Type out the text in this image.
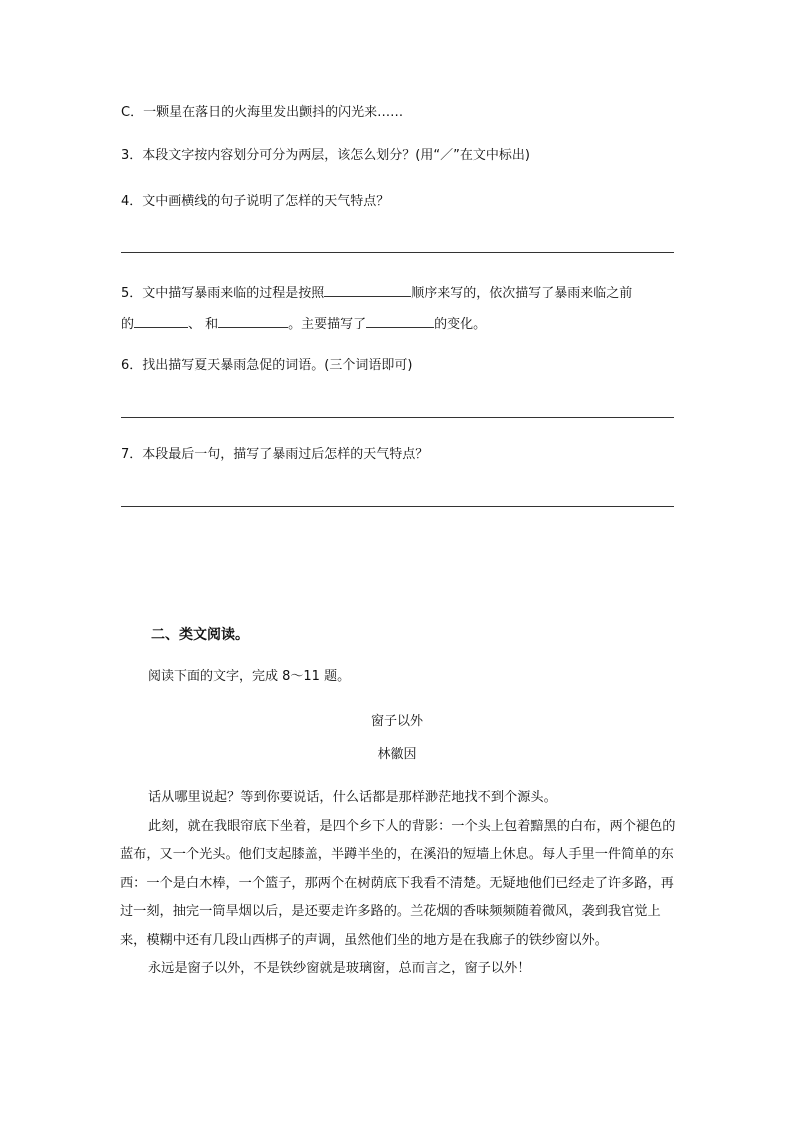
C．一颗星在落日的火海里发出颤抖的闪光来……
3．本段文字按内容划分可分为两层，该怎么划分？(用“／”在文中标出)
4．文中画横线的句子说明了怎样的天气特点？
5．文中描写暴雨来临的过程是按照	顺序来写的，依次描写了暴雨来临之前
的	、 和	。主要描写了	的变化。
6．找出描写夏天暴雨急促的词语。(三个词语即可)
7．本段最后一句，描写了暴雨过后怎样的天气特点？
二、类文阅读。
阅读下面的文字，完成 8～11 题。
窗子以外
林徽因

话从哪里说起？等到你要说话，什么话都是那样渺茫地找不到个源头。

此刻，就在我眼帘底下坐着，是四个乡下人的背影：一个头上包着黯黑的白布，两个褪色的蓝布，又一个光头。他们支起膝盖，半蹲半坐的，在溪沿的短墙上休息。每人手里一件简单的东西：一个是白木棒，一个篮子，那两个在树荫底下我看不清楚。无疑地他们已经走了许多路，再过一刻，抽完一筒旱烟以后，是还要走许多路的。兰花烟的香味频频随着微风，袭到我官觉上来，模糊中还有几段山西梆子的声调，虽然他们坐的地方是在我廊子的铁纱窗以外。

永远是窗子以外，不是铁纱窗就是玻璃窗，总而言之，窗子以外！
